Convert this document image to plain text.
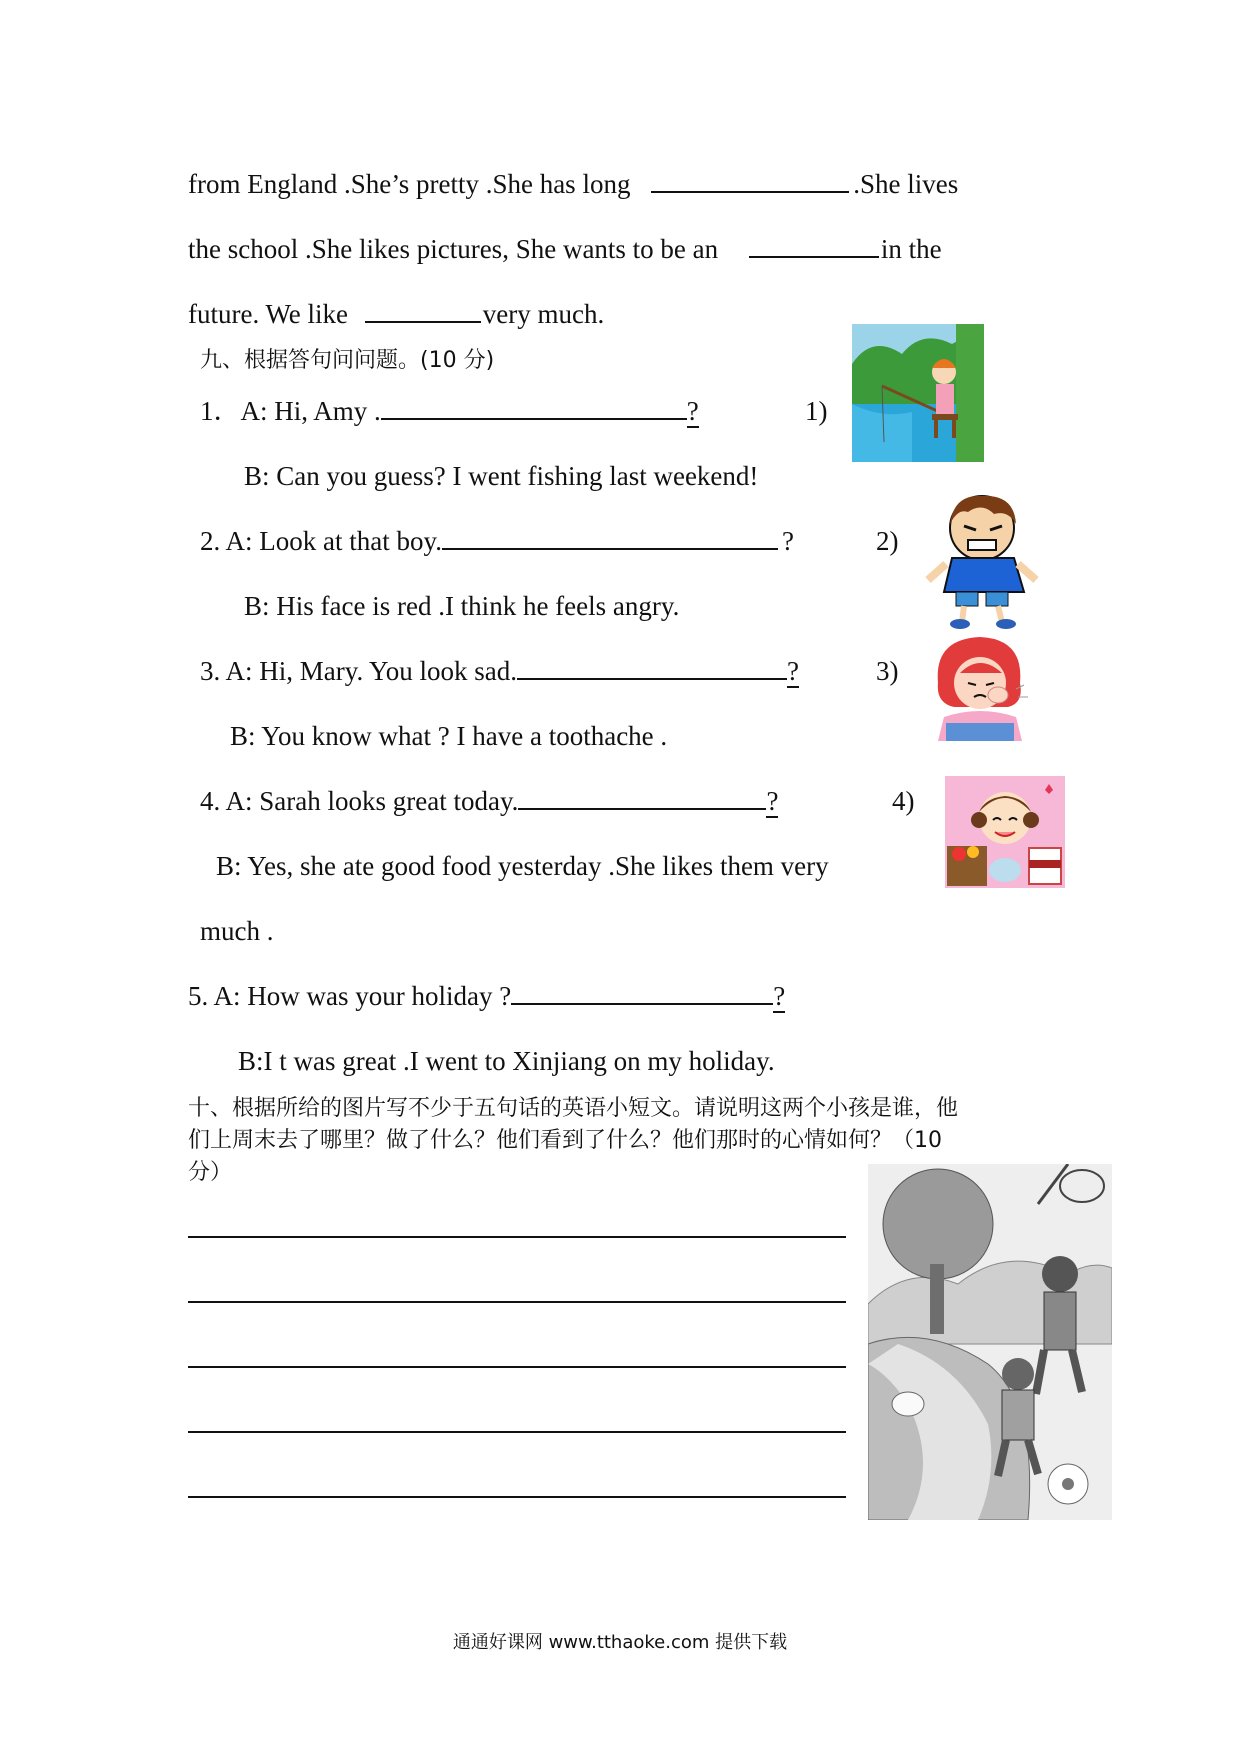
from England .She’s pretty .She has long	.She lives
the school .She likes pictures, She wants to be an	in the
future. We like	very much.
九、根据答句问问题。(10 分)
1．A: Hi, Amy .	?	1)
B: Can you guess? I went fishing last weekend!
2. A: Look at that boy.	?	2)
B: His face is red .I think he feels angry.
3. A: Hi, Mary. You look sad.	?	3)
B: You know what ? I have a toothache .
4. A: Sarah looks great today.	?	4)
B: Yes, she ate good food yesterday .She likes them very
much .
5. A: How was your holiday ?	?
B:I t was great .I went to Xinjiang on my holiday.
十、根据所给的图片写不少于五句话的英语小短文。请说明这两个小孩是谁，他
们上周末去了哪里？做了什么？他们看到了什么？他们那时的心情如何？（10
分）
通通好课网 www.tthaoke.com 提供下载
